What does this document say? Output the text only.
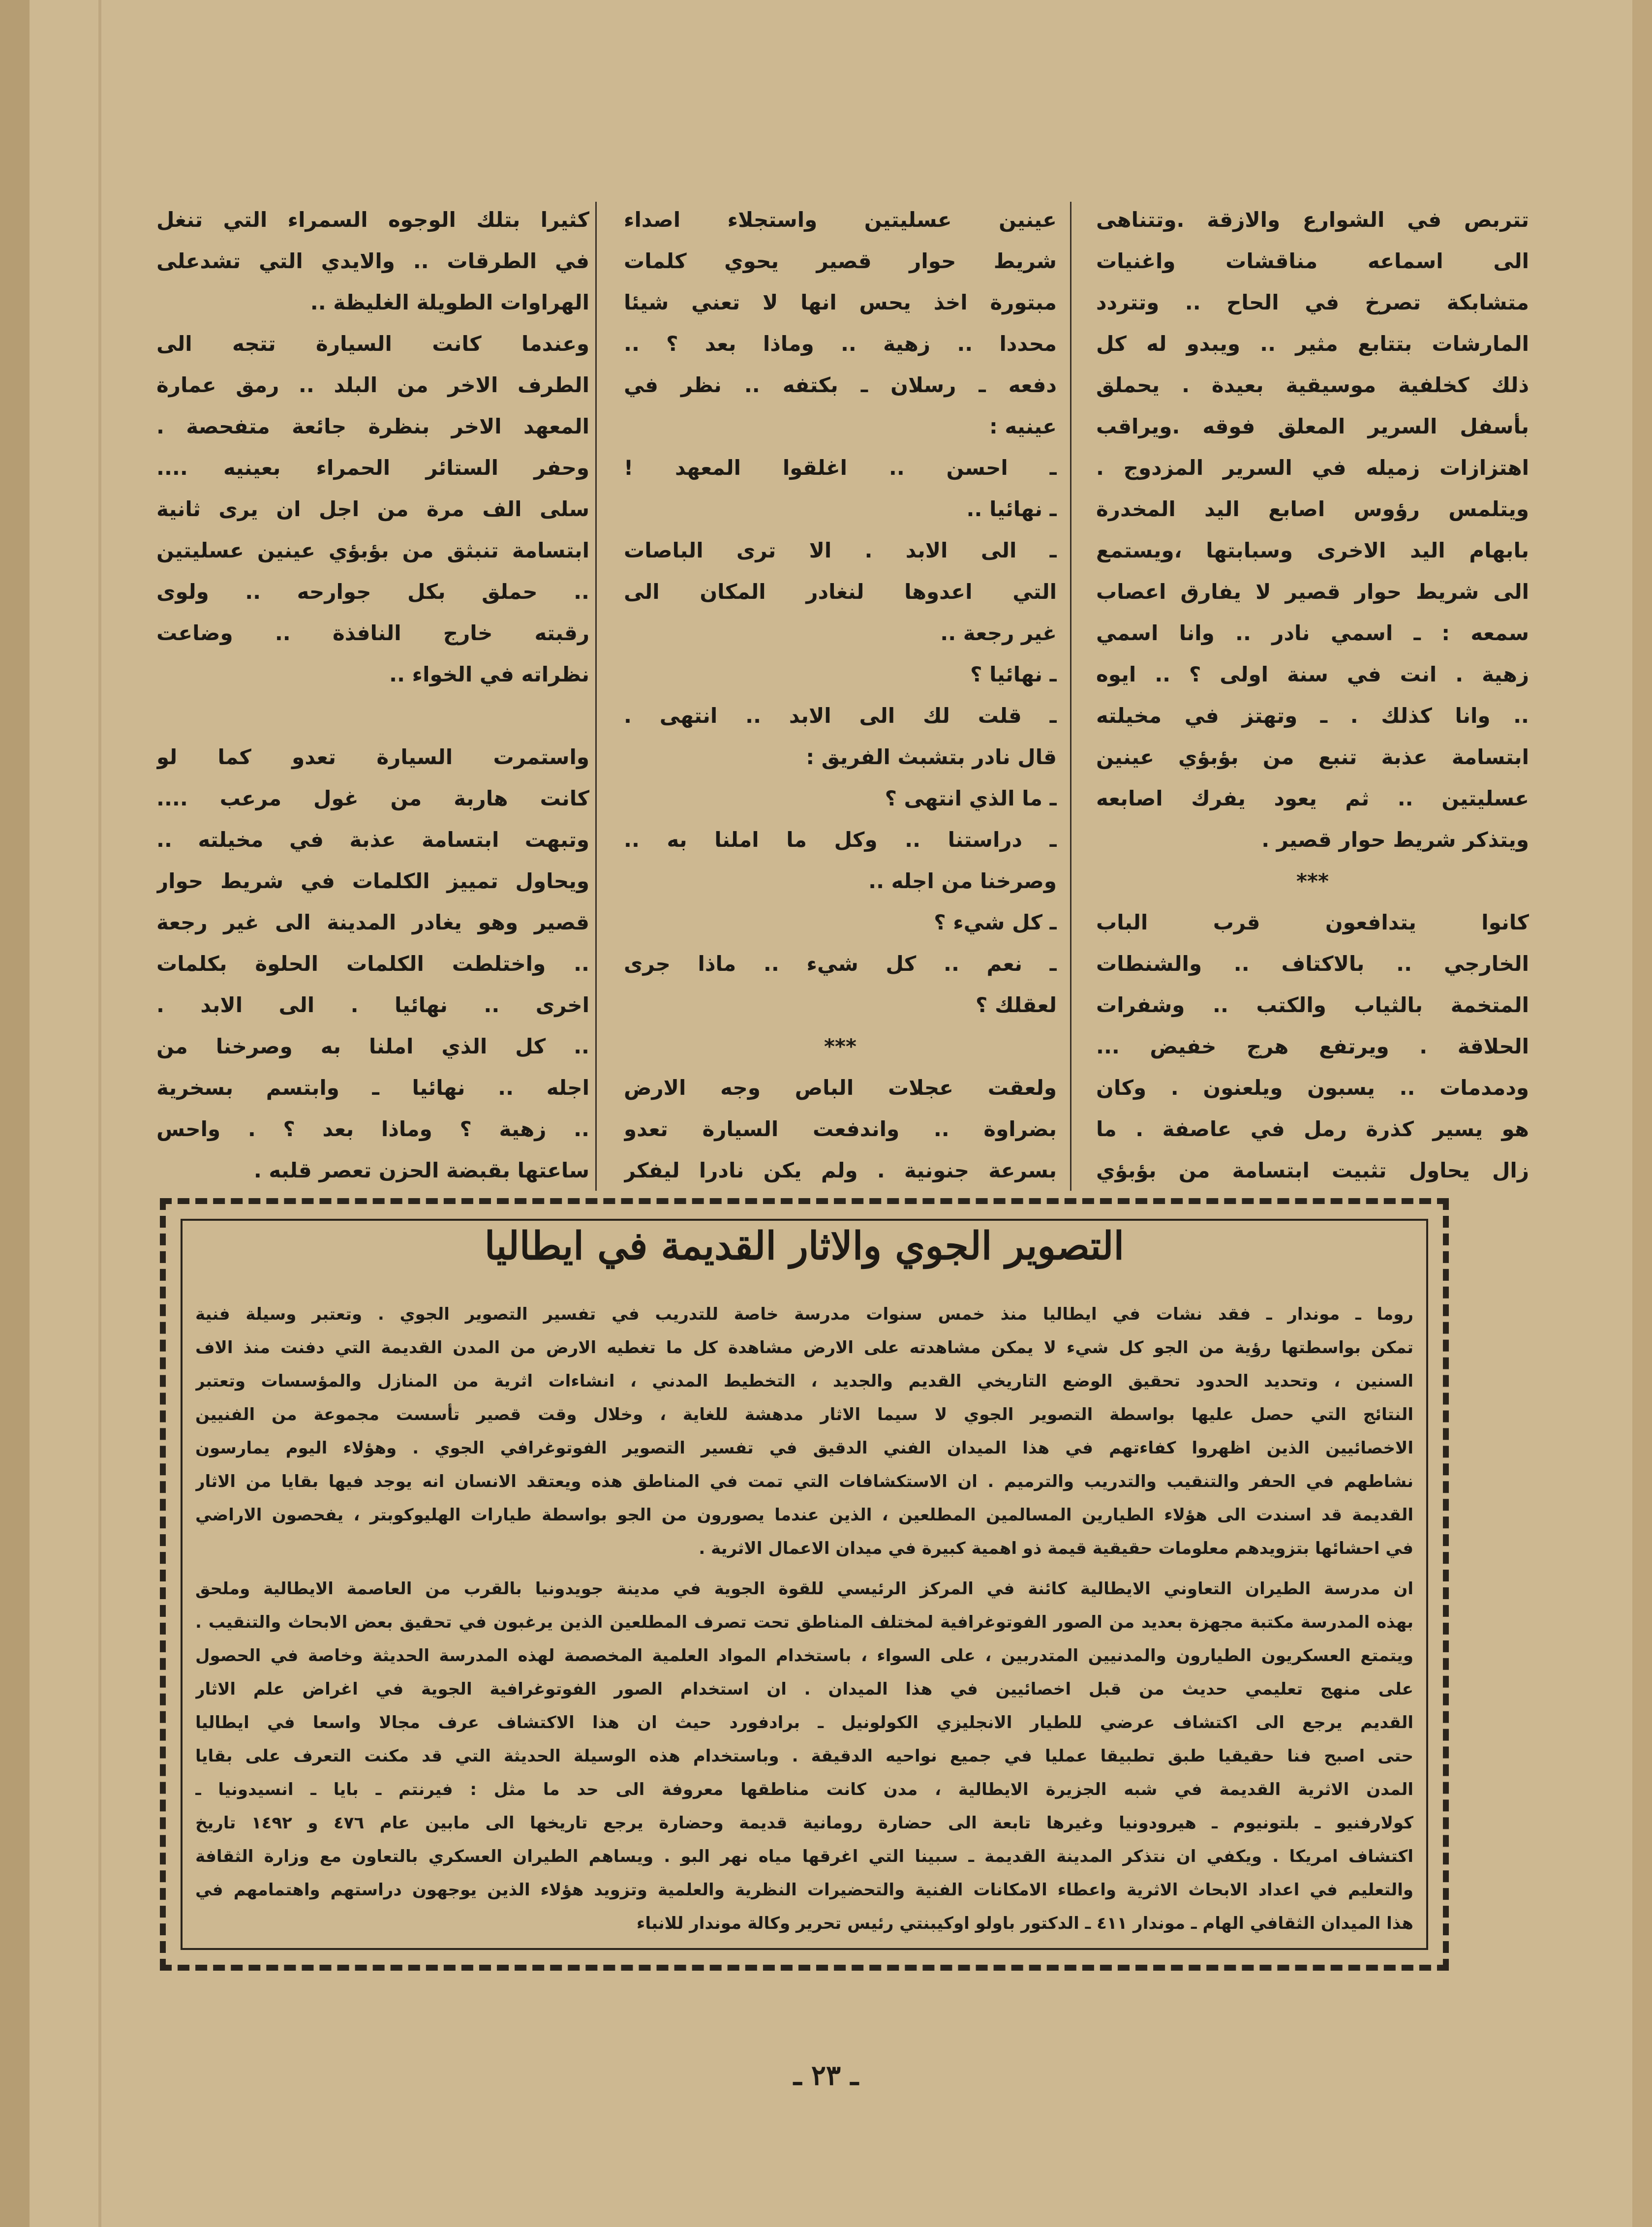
تتربص في الشوارع والازقة .وتتناهى
الى اسماعه مناقشات واغنيات
متشابكة تصرخ في الحاح .. وتتردد
المارشات بتتابع مثير .. ويبدو له كل
ذلك كخلفية موسيقية بعيدة . يحملق
بأسفل السرير المعلق فوقه .ويراقب
اهتزازات زميله في السرير المزدوج .
ويتلمس رؤوس اصابع اليد المخدرة
بابهام اليد الاخرى وسبابتها ،ويستمع
الى شريط حوار قصير لا يفارق اعصاب
سمعه : ـ اسمي نادر .. وانا اسمي
زهية . انت في سنة اولى ؟ .. ايوه
.. وانا كذلك . ـ وتهتز في مخيلته
ابتسامة عذبة تنبع من بؤبؤي عينين
عسليتين .. ثم يعود يفرك اصابعه
ويتذكر شريط حوار قصير .
***
كانوا يتدافعون قرب الباب
الخارجي .. بالاكتاف .. والشنطات
المتخمة بالثياب والكتب .. وشفرات
الحلاقة . ويرتفع هرج خفيض ...
ودمدمات .. يسبون ويلعنون . وكان
هو يسير كذرة رمل في عاصفة . ما
زال يحاول تثبيت ابتسامة من بؤبؤي
عينين عسليتين واستجلاء اصداء
شريط حوار قصير يحوي كلمات
مبتورة اخذ يحس انها لا تعني شيئا
محددا .. زهية .. وماذا بعد ؟ ..
دفعه ـ رسلان ـ بكتفه .. نظر في
عينيه :
ـ احسن .. اغلقوا المعهد !
ـ نهائيا ..
ـ الى الابد . الا ترى الباصات
التي اعدوها لنغادر المكان الى
غير رجعة ..
ـ نهائيا ؟
ـ قلت لك الى الابد .. انتهى .
قال نادر بتشبث الفريق :
ـ ما الذي انتهى ؟
ـ دراستنا .. وكل ما املنا به ..
وصرخنا من اجله ..
ـ كل شيء ؟
ـ نعم .. كل شيء .. ماذا جرى
لعقلك ؟
***
ولعقت عجلات الباص وجه الارض
بضراوة .. واندفعت السيارة تعدو
بسرعة جنونية . ولم يكن نادرا ليفكر
كثيرا بتلك الوجوه السمراء التي تنغل
في الطرقات .. والايدي التي تشدعلى
الهراوات الطويلة الغليظة ..
وعندما كانت السيارة تتجه الى
الطرف الاخر من البلد .. رمق عمارة
المعهد الاخر بنظرة جائعة متفحصة .
وحفر الستائر الحمراء بعينيه ....
سلى الف مرة من اجل ان يرى ثانية
ابتسامة تنبثق من بؤبؤي عينين عسليتين
.. حملق بكل جوارحه .. ولوى
رقبته خارج النافذة .. وضاعت
نظراته في الخواء ..
واستمرت السيارة تعدو كما لو
كانت هاربة من غول مرعب ....
وتبهت ابتسامة عذبة في مخيلته ..
ويحاول تمييز الكلمات في شريط حوار
قصير وهو يغادر المدينة الى غير رجعة
.. واختلطت الكلمات الحلوة بكلمات
اخرى .. نهائيا . الى الابد .
.. كل الذي املنا به وصرخنا من
اجله .. نهائيا ـ وابتسم بسخرية
.. زهية ؟ وماذا بعد ؟ . واحس
ساعتها بقبضة الحزن تعصر قلبه .
التصوير الجوي والاثار القديمة في ايطاليا
روما ـ موندار ـ فقد نشات في ايطاليا منذ خمس سنوات مدرسة خاصة للتدريب في تفسير التصوير الجوي . وتعتبر وسيلة فنية
تمكن بواسطتها رؤية من الجو كل شيء لا يمكن مشاهدته على الارض مشاهدة كل ما تغطيه الارض من المدن القديمة التي دفنت منذ الاف
السنين ، وتحديد الحدود تحقيق الوضع التاريخي القديم والجديد ، التخطيط المدني ، انشاءات اثرية من المنازل والمؤسسات وتعتبر
النتائج التي حصل عليها بواسطة التصوير الجوي لا سيما الاثار مدهشة للغاية ، وخلال وقت قصير تأسست مجموعة من الفنيين
الاخصائيين الذين اظهروا كفاءتهم في هذا الميدان الفني الدقيق في تفسير التصوير الفوتوغرافي الجوي . وهؤلاء اليوم يمارسون
نشاطهم في الحفر والتنقيب والتدريب والترميم . ان الاستكشافات التي تمت في المناطق هذه ويعتقد الانسان انه يوجد فيها بقايا من الاثار
القديمة قد اسندت الى هؤلاء الطيارين المسالمين المطلعين ، الذين عندما يصورون من الجو بواسطة طيارات الهليوكوبتر ، يفحصون الاراضي
في احشائها بتزويدهم معلومات حقيقية قيمة ذو اهمية كبيرة في ميدان الاعمال الاثرية .
ان مدرسة الطيران التعاوني الايطالية كائنة في المركز الرئيسي للقوة الجوية في مدينة جويدونيا بالقرب من العاصمة الايطالية وملحق
بهذه المدرسة مكتبة مجهزة بعديد من الصور الفوتوغرافية لمختلف المناطق تحت تصرف المطلعين الذين يرغبون في تحقيق بعض الابحاث والتنقيب .
ويتمتع العسكريون الطيارون والمدنيين المتدربين ، على السواء ، باستخدام المواد العلمية المخصصة لهذه المدرسة الحديثة وخاصة في الحصول
على منهج تعليمي حديث من قبل اخصائيين في هذا الميدان . ان استخدام الصور الفوتوغرافية الجوية في اغراض علم الاثار
القديم يرجع الى اكتشاف عرضي للطيار الانجليزي الكولونيل ـ برادفورد حيث ان هذا الاكتشاف عرف مجالا واسعا في ايطاليا
حتى اصبح فنا حقيقيا طبق تطبيقا عمليا في جميع نواحيه الدقيقة . وباستخدام هذه الوسيلة الحديثة التي قد مكنت التعرف على بقايا
المدن الاثرية القديمة في شبه الجزيرة الايطالية ، مدن كانت مناطقها معروفة الى حد ما مثل : فيرنتم ـ بايا ـ انسيدونيا ـ
كولارفنيو ـ بلتونيوم ـ هيرودونيا وغيرها تابعة الى حضارة رومانية قديمة وحضارة يرجع تاريخها الى مابين عام ٤٧٦ و ١٤٩٢ تاريخ
اكتشاف امريكا . ويكفي ان نتذكر المدينة القديمة ـ سبينا التي اغرقها مياه نهر البو . ويساهم الطيران العسكري بالتعاون مع وزارة الثقافة
والتعليم في اعداد الابحاث الاثرية واعطاء الامكانات الفنية والتحضيرات النظرية والعلمية وتزويد هؤلاء الذين يوجهون دراستهم واهتمامهم في
هذا الميدان الثقافي الهام ـ موندار ٤١١ ـ الدكتور باولو اوكيبنتي رئيس تحرير وكالة موندار للانباء
ـ ٢٣ ـ
